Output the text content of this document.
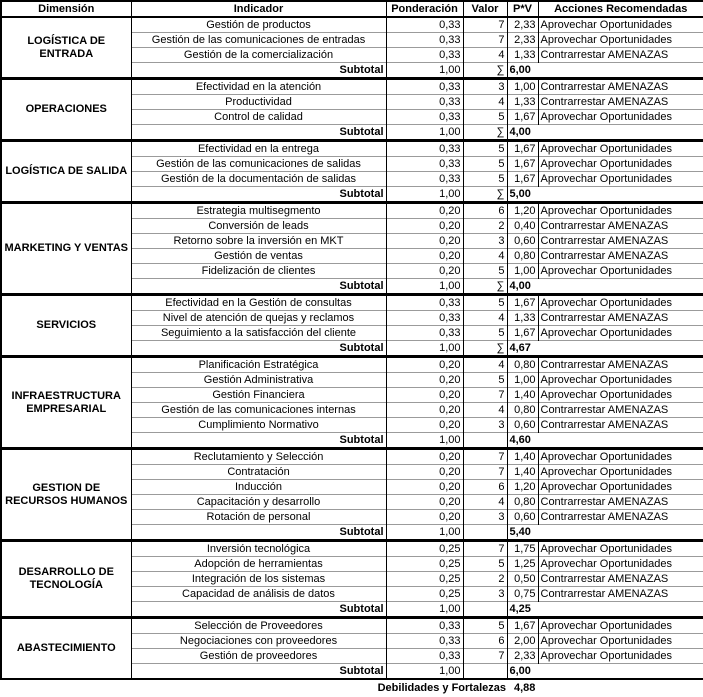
Dimensión	Indicador	Ponderación	Valor	P*V	Acciones Recomendadas
LOGÍSTICA DE ENTRADA	Gestión de productos	0,33	7	2,33	Aprovechar Oportunidades
	Gestión de las comunicaciones de entradas	0,33	7	2,33	Aprovechar Oportunidades
	Gestión de la comercialización	0,33	4	1,33	Contrarrestar AMENAZAS
	Subtotal	1,00	∑	6,00	
OPERACIONES	Efectividad en la atención	0,33	3	1,00	Contrarrestar AMENAZAS
	Productividad	0,33	4	1,33	Contrarrestar AMENAZAS
	Control de calidad	0,33	5	1,67	Aprovechar Oportunidades
	Subtotal	1,00	∑	4,00	
LOGÍSTICA DE SALIDA	Efectividad en la entrega	0,33	5	1,67	Aprovechar Oportunidades
	Gestión de las comunicaciones de salidas	0,33	5	1,67	Aprovechar Oportunidades
	Gestión de la documentación de salidas	0,33	5	1,67	Aprovechar Oportunidades
	Subtotal	1,00	∑	5,00	
MARKETING Y VENTAS	Estrategia multisegmento	0,20	6	1,20	Aprovechar Oportunidades
	Conversión de leads	0,20	2	0,40	Contrarrestar AMENAZAS
	Retorno sobre la inversión en MKT	0,20	3	0,60	Contrarrestar AMENAZAS
	Gestión de ventas	0,20	4	0,80	Contrarrestar AMENAZAS
	Fidelización de clientes	0,20	5	1,00	Aprovechar Oportunidades
	Subtotal	1,00	∑	4,00	
SERVICIOS	Efectividad en la Gestión de consultas	0,33	5	1,67	Aprovechar Oportunidades
	Nivel de atención de quejas y reclamos	0,33	4	1,33	Contrarrestar AMENAZAS
	Seguimiento a la satisfacción del cliente	0,33	5	1,67	Aprovechar Oportunidades
	Subtotal	1,00	∑	4,67	
INFRAESTRUCTURA EMPRESARIAL	Planificación Estratégica	0,20	4	0,80	Contrarrestar AMENAZAS
	Gestión Administrativa	0,20	5	1,00	Aprovechar Oportunidades
	Gestión Financiera	0,20	7	1,40	Aprovechar Oportunidades
	Gestión de las comunicaciones internas	0,20	4	0,80	Contrarrestar AMENAZAS
	Cumplimiento Normativo	0,20	3	0,60	Contrarrestar AMENAZAS
	Subtotal	1,00		4,60	
GESTION DE RECURSOS HUMANOS	Reclutamiento y Selección	0,20	7	1,40	Aprovechar Oportunidades
	Contratación	0,20	7	1,40	Aprovechar Oportunidades
	Inducción	0,20	6	1,20	Aprovechar Oportunidades
	Capacitación y desarrollo	0,20	4	0,80	Contrarrestar AMENAZAS
	Rotación de personal	0,20	3	0,60	Contrarrestar AMENAZAS
	Subtotal	1,00		5,40	
DESARROLLO DE TECNOLOGÍA	Inversión tecnológica	0,25	7	1,75	Aprovechar Oportunidades
	Adopción de herramientas	0,25	5	1,25	Aprovechar Oportunidades
	Integración de los sistemas	0,25	2	0,50	Contrarrestar AMENAZAS
	Capacidad de análisis de datos	0,25	3	0,75	Contrarrestar AMENAZAS
	Subtotal	1,00		4,25	
ABASTECIMIENTO	Selección de Proveedores	0,33	5	1,67	Aprovechar Oportunidades
	Negociaciones con proveedores	0,33	6	2,00	Aprovechar Oportunidades
	Gestión de proveedores	0,33	7	2,33	Aprovechar Oportunidades
	Subtotal	1,00		6,00	
Debilidades y Fortalezas 4,88
